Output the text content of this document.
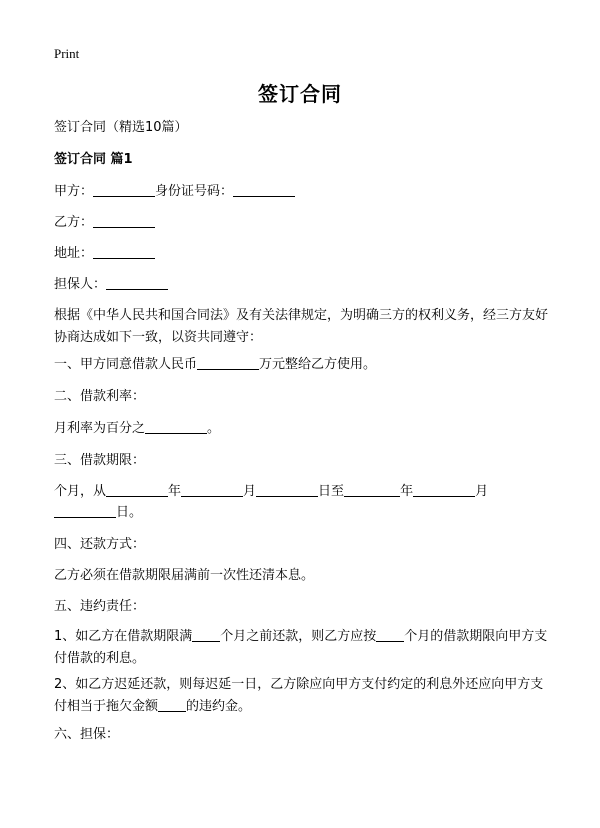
Print
签订合同
签订合同（精选10篇）
签订合同 篇1
甲方：	身份证号码：
乙方：
地址：
担保人：
根据《中华人民共和国合同法》及有关法律规定，为明确三方的权利义务，经三方友好协商达成如下一致，以资共同遵守：
一、甲方同意借款人民币	万元整给乙方使用。
二、借款利率：
月利率为百分之	。
三、借款期限：
个月，从	年	月	日至	年	月
日。
四、还款方式：
乙方必须在借款期限届满前一次性还清本息。
五、违约责任：
1、如乙方在借款期限满 个月之前还款，则乙方应按 个月的借款期限向甲方支付借款的利息。
2、如乙方迟延还款，则每迟延一日，乙方除应向甲方支付约定的利息外还应向甲方支付相当于拖欠金额 的违约金。
六、担保：
